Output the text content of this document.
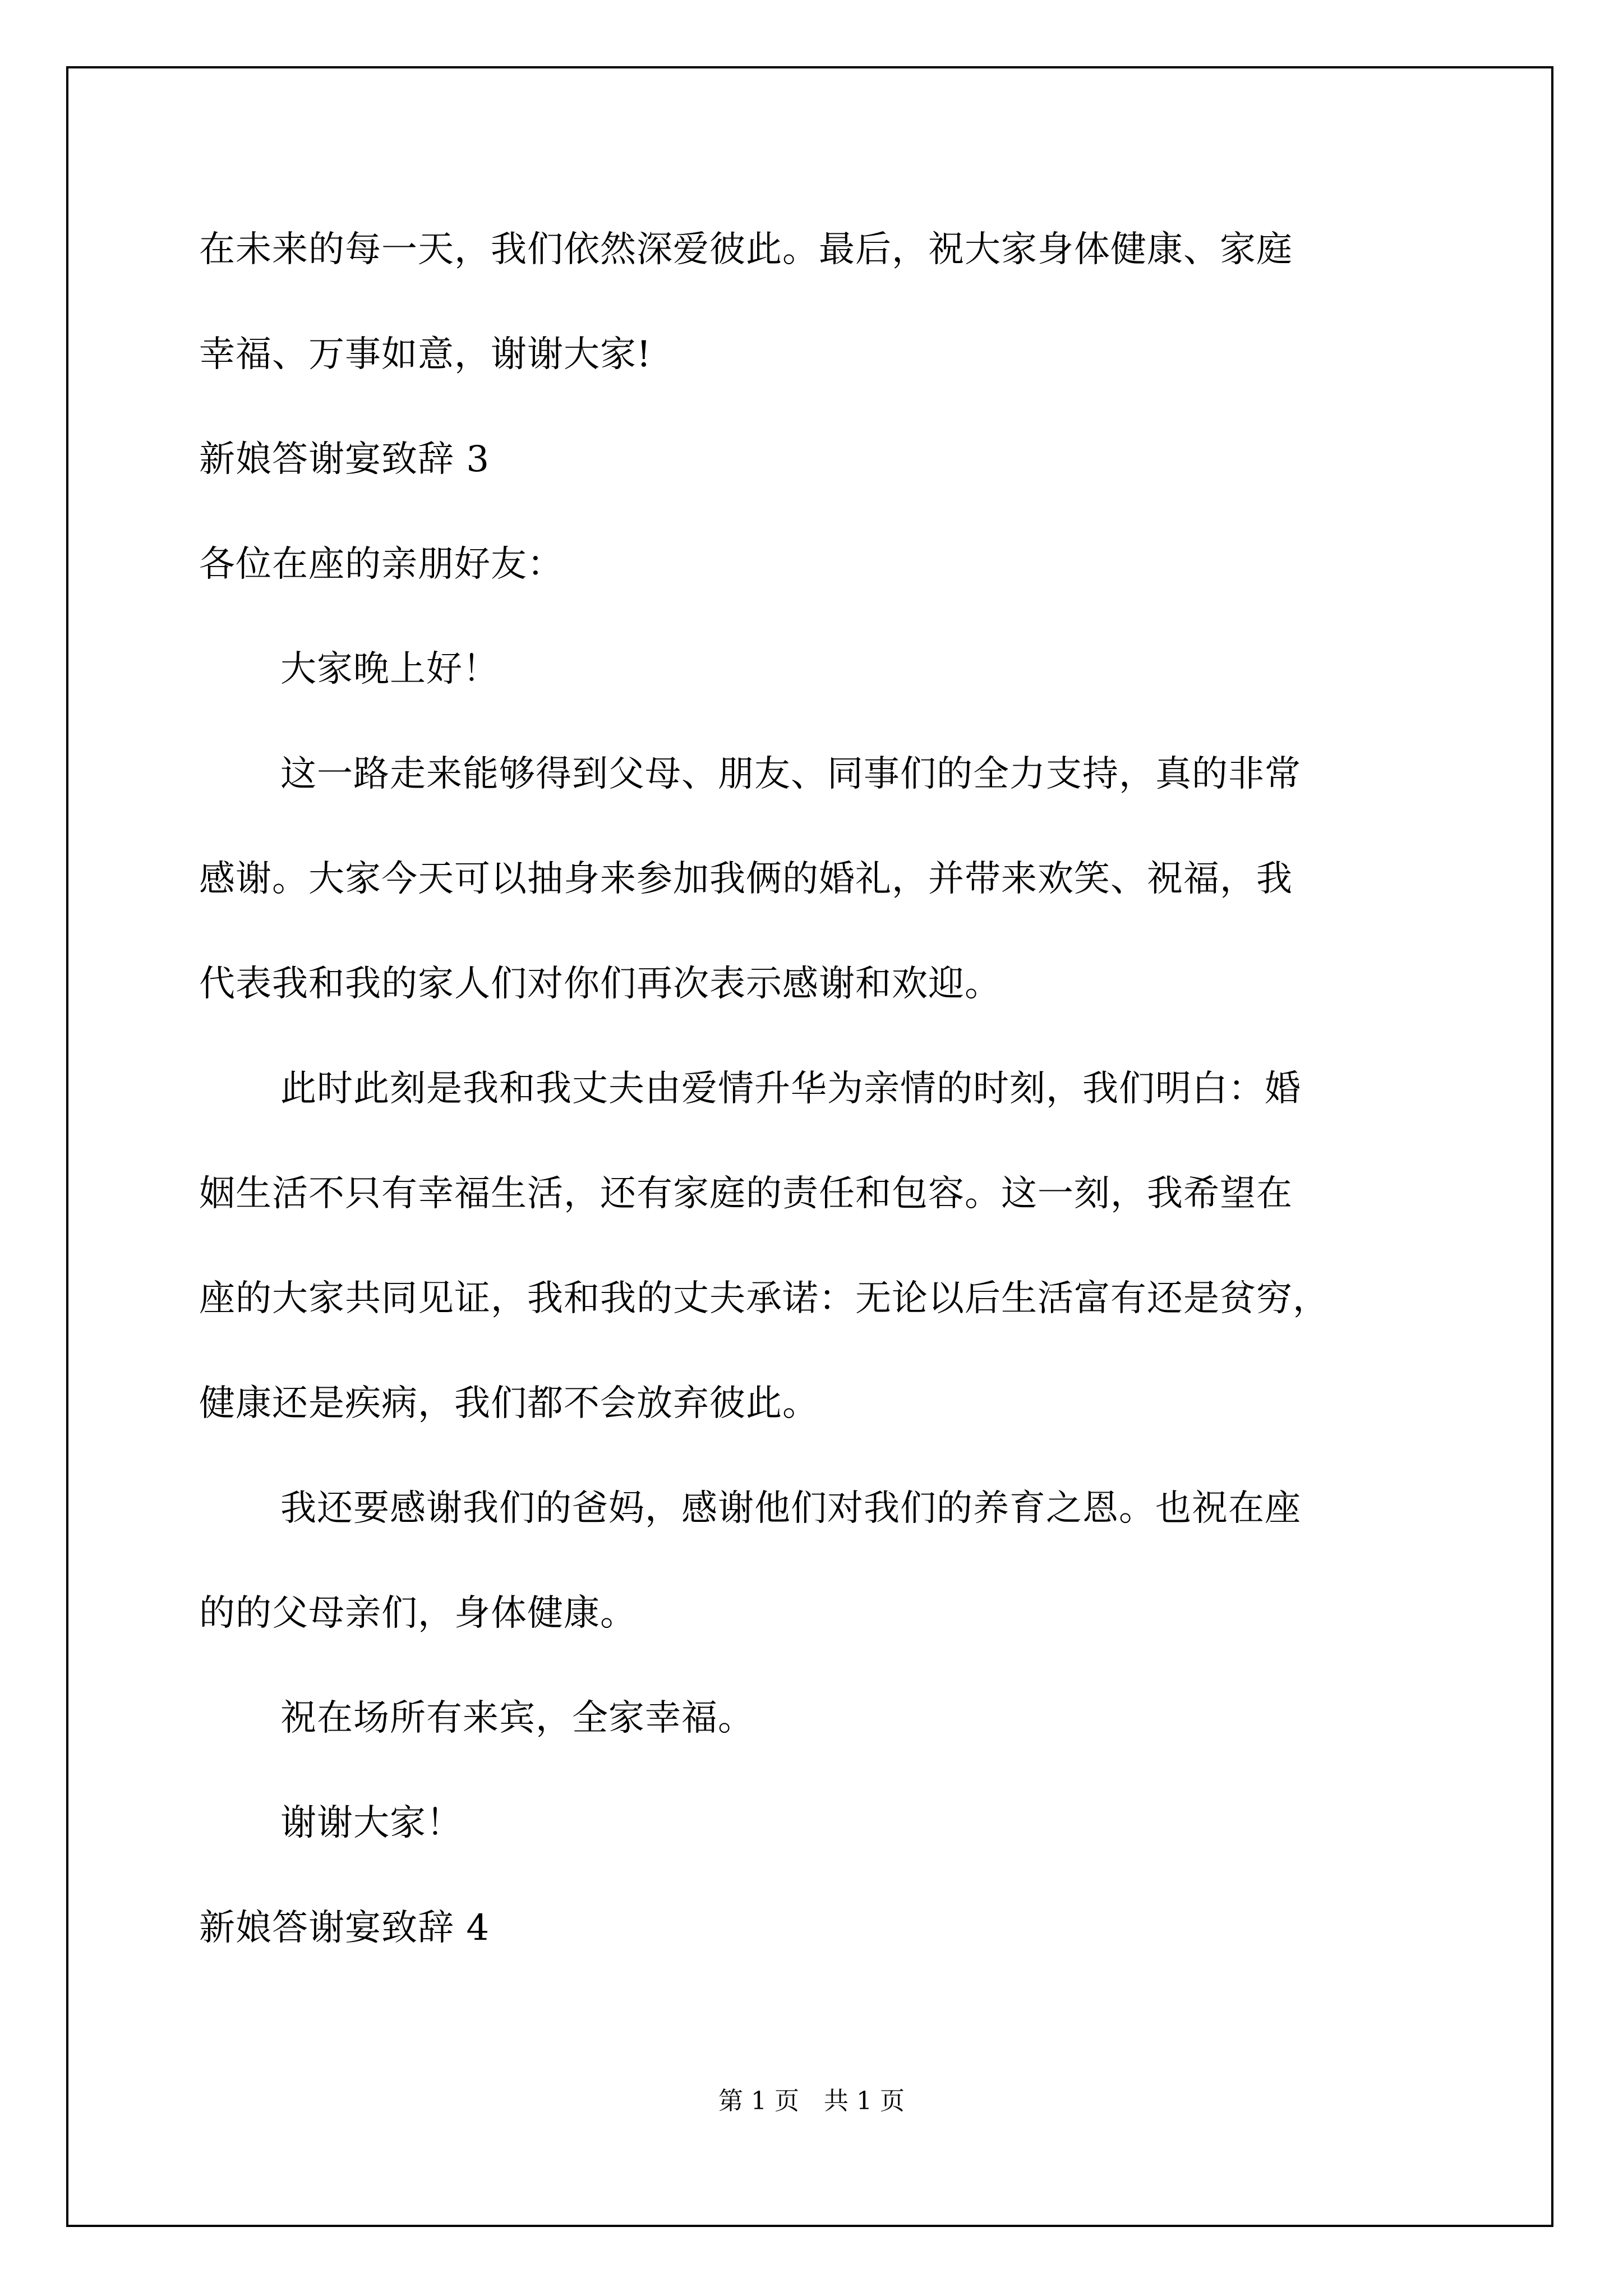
在未来的每一天，我们依然深爱彼此。最后，祝大家身体健康、家庭
幸福、万事如意，谢谢大家!
新娘答谢宴致辞 3
各位在座的亲朋好友：
大家晚上好！
这一路走来能够得到父母、朋友、同事们的全力支持，真的非常
感谢。大家今天可以抽身来参加我俩的婚礼，并带来欢笑、祝福，我
代表我和我的家人们对你们再次表示感谢和欢迎。
此时此刻是我和我丈夫由爱情升华为亲情的时刻，我们明白：婚
姻生活不只有幸福生活，还有家庭的责任和包容。这一刻，我希望在
座的大家共同见证，我和我的丈夫承诺：无论以后生活富有还是贫穷，
健康还是疾病，我们都不会放弃彼此。
我还要感谢我们的爸妈，感谢他们对我们的养育之恩。也祝在座
的的父母亲们，身体健康。
祝在场所有来宾，全家幸福。
谢谢大家！
新娘答谢宴致辞 4
第 1 页　共 1 页
